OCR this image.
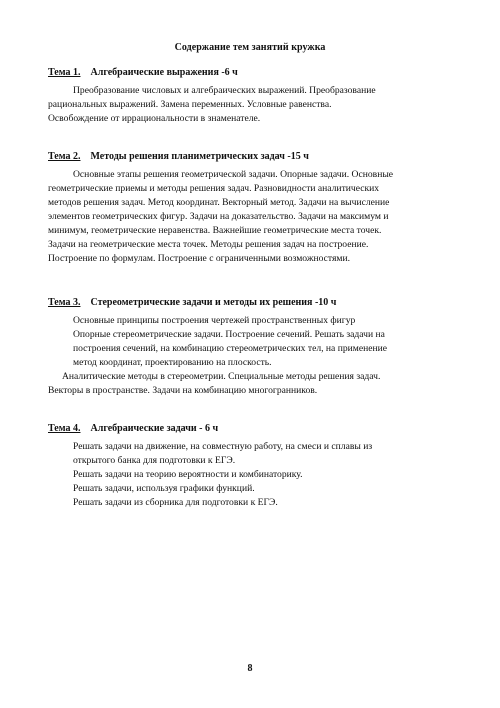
Содержание тем занятий кружка
Тема 1. Алгебраические выражения -6 ч
Преобразование числовых и алгебраических выражений. Преобразование
рациональных выражений. Замена переменных. Условные равенства.
Освобождение от иррациональности в знаменателе.
Тема 2. Методы решения планиметрических задач -15 ч
Основные этапы решения геометрической задачи. Опорные задачи. Основные
геометрические приемы и методы решения задач. Разновидности аналитических
методов решения задач. Метод координат. Векторный метод. Задачи на вычисление
элементов геометрических фигур. Задачи на доказательство. Задачи на максимум и
минимум, геометрические неравенства. Важнейшие геометрические места точек.
Задачи на геометрические места точек. Методы решения задач на построение.
Построение по формулам. Построение с ограниченными возможностями.
Тема 3. Стереометрические задачи и методы их решения -10 ч
Основные принципы построения чертежей пространственных фигур
Опорные стереометрические задачи. Построение сечений. Решать задачи на
построения сечений, на комбинацию стереометрических тел, на применение
метод координат, проектированию на плоскость.
Аналитические методы в стереометрии. Специальные методы решения задач.
Векторы в пространстве. Задачи на комбинацию многогранников.
Тема 4. Алгебраические задачи - 6 ч
Решать задачи на движение, на совместную работу, на смеси и сплавы из
открытого банка для подготовки к ЕГЭ.
Решать задачи на теорию вероятности и комбинаторику.
Решать задачи, используя графики функций.
Решать задачи из сборника для подготовки к ЕГЭ.
8
